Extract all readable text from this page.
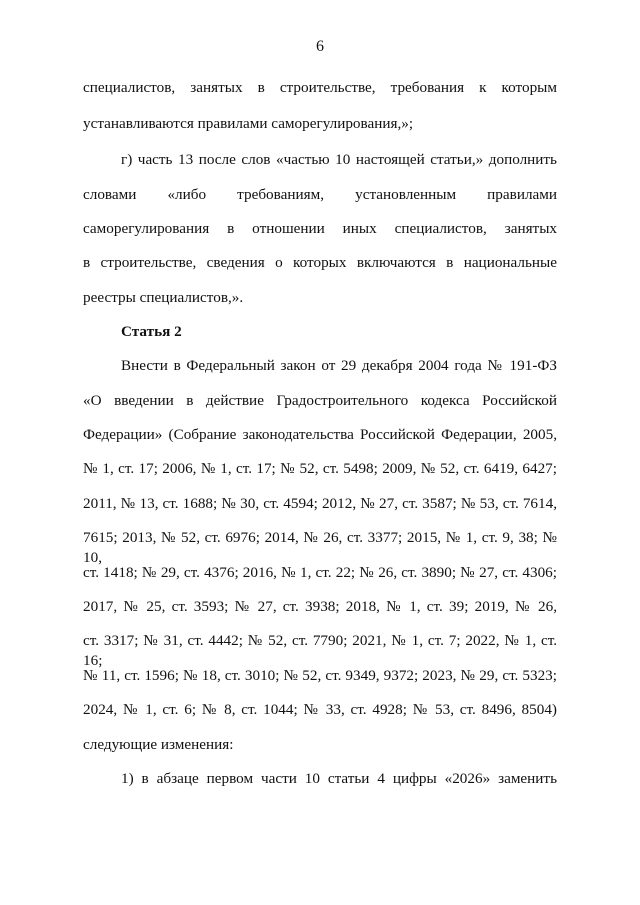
6
специалистов, занятых в строительстве, требования к которым
устанавливаются правилами саморегулирования,»;
г) часть 13 после слов «частью 10 настоящей статьи,» дополнить
словами «либо требованиям, установленным правилами
саморегулирования в отношении иных специалистов, занятых
в строительстве, сведения о которых включаются в национальные
реестры специалистов,».
Статья 2
Внести в Федеральный закон от 29 декабря 2004 года № 191-ФЗ
«О введении в действие Градостроительного кодекса Российской
Федерации» (Собрание законодательства Российской Федерации, 2005,
№ 1, ст. 17; 2006, № 1, ст. 17; № 52, ст. 5498; 2009, № 52, ст. 6419, 6427;
2011, № 13, ст. 1688; № 30, ст. 4594; 2012, № 27, ст. 3587; № 53, ст. 7614,
7615; 2013, № 52, ст. 6976; 2014, № 26, ст. 3377; 2015, № 1, ст. 9, 38; № 10,
ст. 1418; № 29, ст. 4376; 2016, № 1, ст. 22; № 26, ст. 3890; № 27, ст. 4306;
2017, № 25, ст. 3593; № 27, ст. 3938; 2018, № 1, ст. 39; 2019, № 26,
ст. 3317; № 31, ст. 4442; № 52, ст. 7790; 2021, № 1, ст. 7; 2022, № 1, ст. 16;
№ 11, ст. 1596; № 18, ст. 3010; № 52, ст. 9349, 9372; 2023, № 29, ст. 5323;
2024, № 1, ст. 6; № 8, ст. 1044; № 33, ст. 4928; № 53, ст. 8496, 8504)
следующие изменения:
1) в абзаце первом части 10 статьи 4 цифры «2026» заменить
